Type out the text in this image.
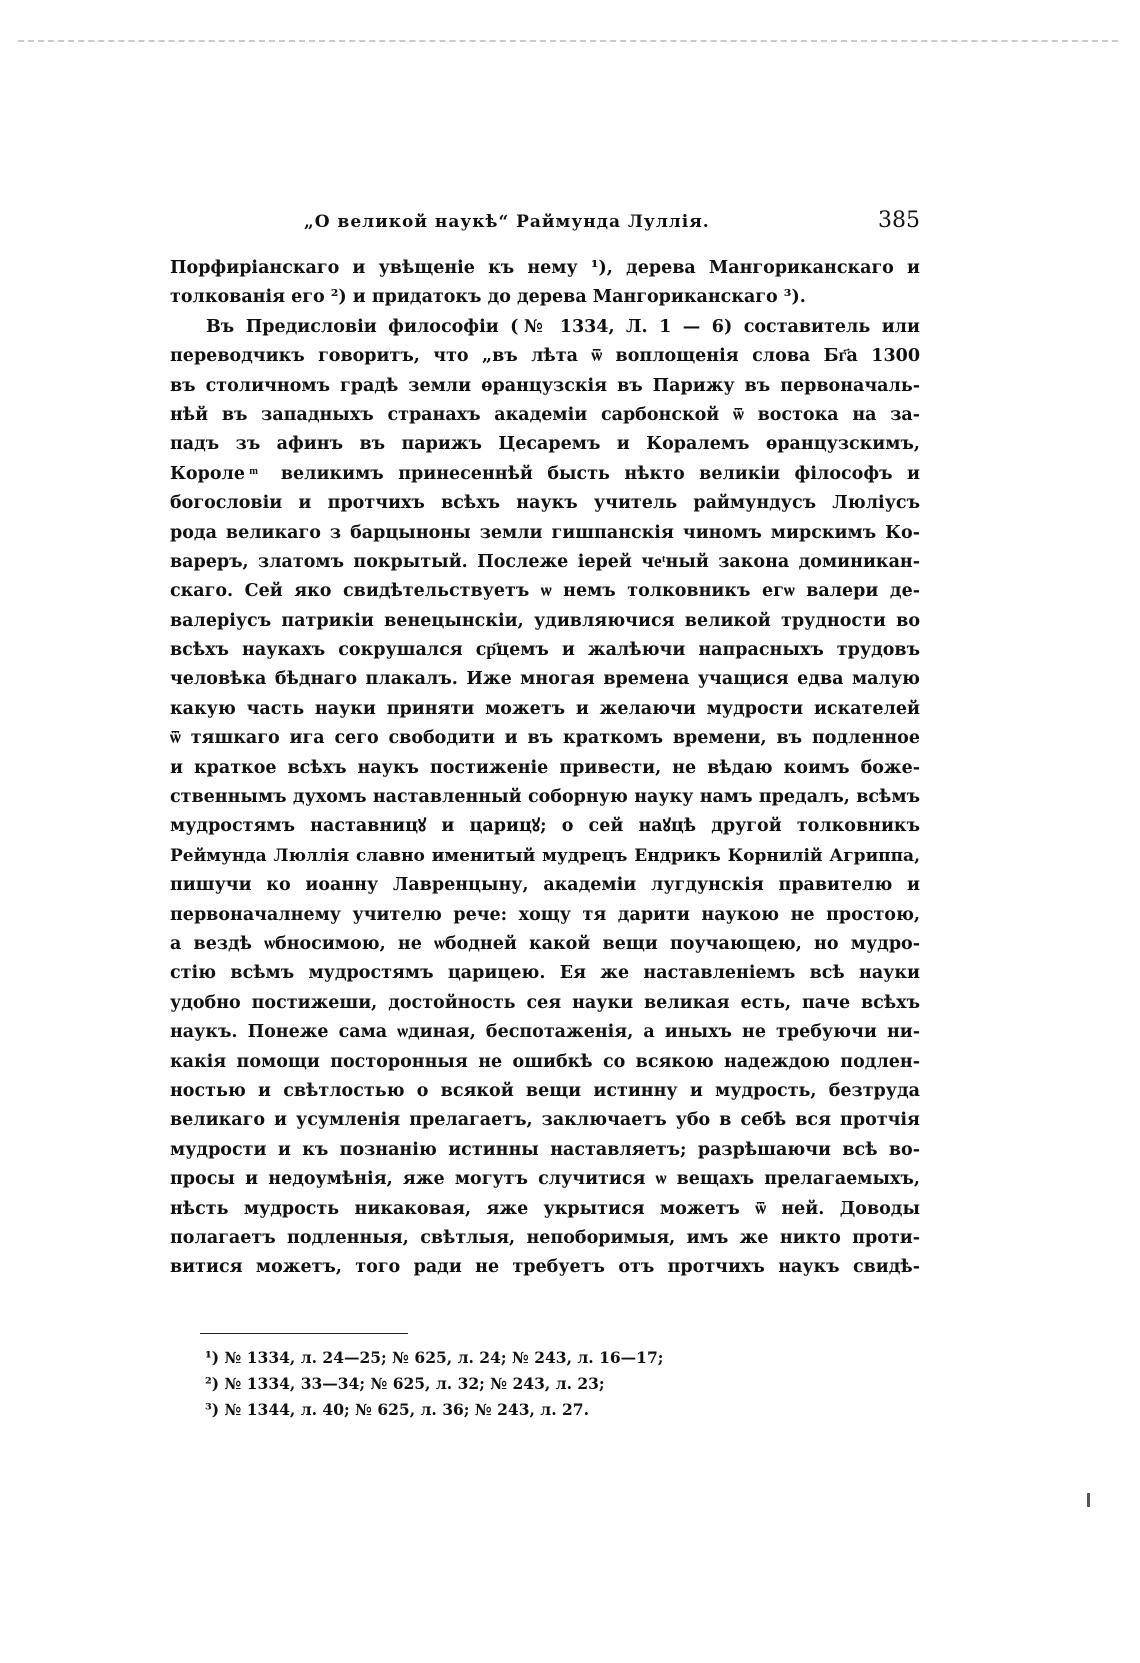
„О великой наукѣ“ Раймунда Луллія.	385
Порфиріанскаго и увѣщеніе къ нему ¹), дерева Мангориканскаго и
толкованія его ²) и придатокъ до дерева Мангориканскаго ³).
Въ Предисловіи философіи (№ 1334, Л. 1 — 6) составитель или
переводчикъ говоритъ, что „въ лѣта ѿ воплощенія слова Бг҃а 1300
въ столичномъ градѣ земли ѳранцузскія въ Парижу въ первоначаль-
нѣй въ западныхъ странахъ академіи сарбонской ѿ востока на за-
падъ зъ афинъ въ парижъ Цесаремъ и Коралемъ ѳранцузскимъ,
Короле ͫ великимъ принесеннѣй бысть нѣкто великіи філософъ и
богословіи и протчихъ всѣхъ наукъ учитель раймундусъ Люліусъ
рода великаго з барцыноны земли гишпанскія чиномъ мирскимъ Ко-
вареръ, златомъ покрытый. Послеже іерей чеͭный закона доминикан-
скаго. Сей яко свидѣтельствуетъ ѡ немъ толковникъ егѡ валери де-
валеріусъ патрикіи венецынскіи, удивляючися великой трудности во
всѣхъ наукахъ сокрушался ср҃цемъ и жалѣючи напрасныхъ трудовъ
человѣка бѣднаго плакалъ. Иже многая времена учащися едва малую
какую часть науки приняти можетъ и желаючи мудрости искателей
ѿ тяшкаго ига сего свободити и въ краткомъ времени, въ подленное
и краткое всѣхъ наукъ постиженіе привести, не вѣдаю коимъ боже-
ственнымъ духомъ наставленный соборную науку намъ предалъ, всѣмъ
мудростямъ наставницꙋ и царицꙋ; о сей наꙋцѣ другой толковникъ
Реймунда Люллія славно именитый мудрецъ Ендрикъ Корнилій Агриппа,
пишучи ко иоанну Лаврeнцыну, академіи лугдунскія правителю и
первоначалнему учителю рече: хощу тя дарити наукою не простою,
а вездѣ ѡбносимою, не ѡбодней какой вещи поучающею, но мудро-
стію всѣмъ мудростямъ царицею. Ея же наставленіемъ всѣ науки
удобно постижеши, достойность сея науки великая есть, паче всѣхъ
наукъ. Понеже сама ѡдиная, беспотаженія, а иныхъ не требуючи ни-
какія помощи посторонныя не ошибкѣ со всякою надеждою подлен-
ностью и свѣтлостью о всякой вещи истинну и мудрость, безтруда
великаго и усумленія прелагаетъ, заключаетъ убо в себѣ вся протчія
мудрости и къ познанію истинны наставляетъ; разрѣшаючи всѣ во-
просы и недоумѣнія, яже могутъ случитися ѡ вещахъ прелагаемыхъ,
нѣсть мудрость никаковая, яже укрытися можетъ ѿ ней. Доводы
полагаетъ подленныя, свѣтлыя, непоборимыя, имъ же никто проти-
витися можетъ, того ради не требуетъ отъ протчихъ наукъ свидѣ-
¹) № 1334, л. 24—25; № 625, л. 24; № 243, л. 16—17;
²) № 1334, 33—34; № 625, л. 32; № 243, л. 23;
³) № 1344, л. 40; № 625, л. 36; № 243, л. 27.
